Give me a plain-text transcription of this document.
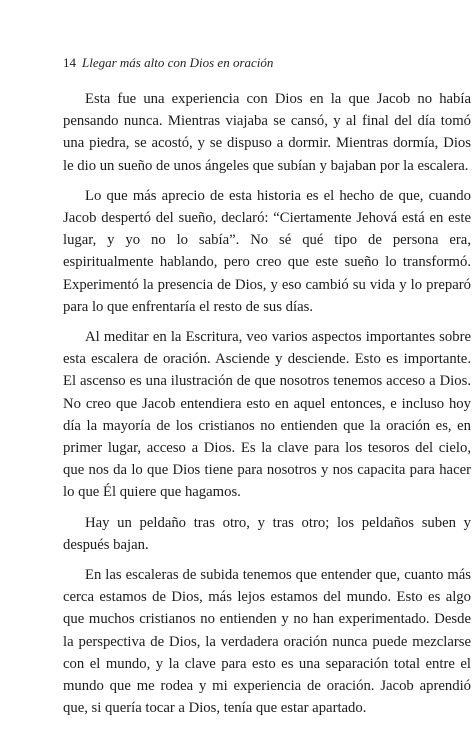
14 Llegar más alto con Dios en oración

Esta fue una experiencia con Dios en la que Jacob no había pensando nunca. Mientras viajaba se cansó, y al final del día tomó una piedra, se acostó, y se dispuso a dormir. Mientras dormía, Dios le dio un sueño de unos ángeles que subían y bajaban por la escalera.

Lo que más aprecio de esta historia es el hecho de que, cuando Jacob despertó del sueño, declaró: “Ciertamente Jehová está en este lugar, y yo no lo sabía”. No sé qué tipo de persona era, espiritualmente hablando, pero creo que este sueño lo transformó. Experimentó la presencia de Dios, y eso cambió su vida y lo preparó para lo que enfrentaría el resto de sus días.

Al meditar en la Escritura, veo varios aspectos importantes sobre esta escalera de oración. Asciende y desciende. Esto es importante. El ascenso es una ilustración de que nosotros tenemos acceso a Dios. No creo que Jacob entendiera esto en aquel entonces, e incluso hoy día la mayoría de los cristianos no entienden que la oración es, en primer lugar, acceso a Dios. Es la clave para los tesoros del cielo, que nos da lo que Dios tiene para nosotros y nos capacita para hacer lo que Él quiere que hagamos.

Hay un peldaño tras otro, y tras otro; los peldaños suben y después bajan.

En las escaleras de subida tenemos que entender que, cuanto más cerca estamos de Dios, más lejos estamos del mundo. Esto es algo que muchos cristianos no entienden y no han experimentado. Desde la perspectiva de Dios, la verdadera oración nunca puede mezclarse con el mundo, y la clave para esto es una separación total entre el mundo que me rodea y mi experiencia de oración. Jacob aprendió que, si quería tocar a Dios, tenía que estar apartado.
